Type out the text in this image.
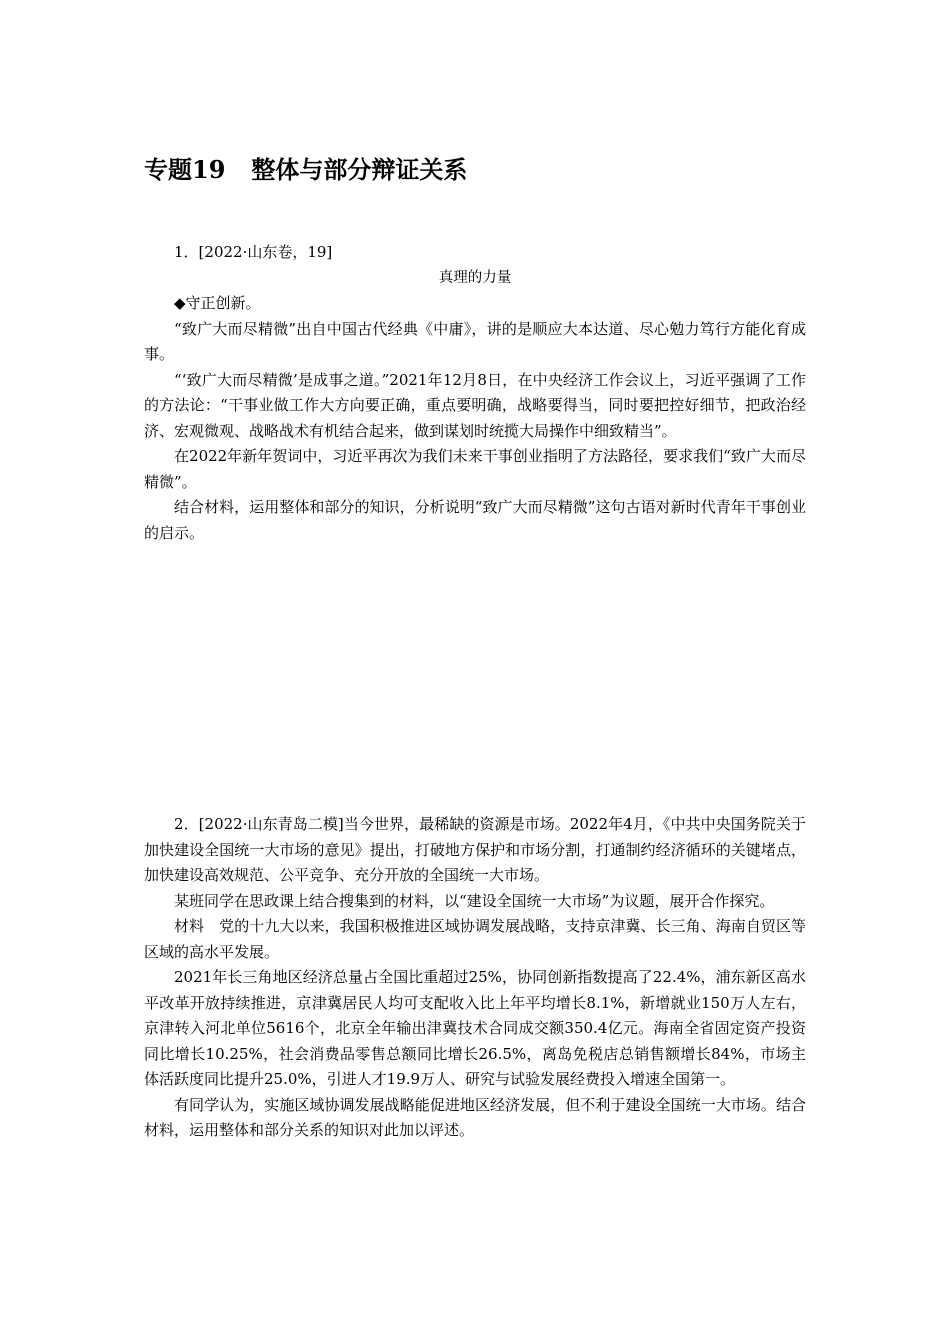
专题19 整体与部分辩证关系

1．[2022·山东卷，19]

真理的力量

◆守正创新。

“致广大而尽精微”出自中国古代经典《中庸》，讲的是顺应大本达道、尽心勉力笃行方能化育成事。

“‘致广大而尽精微’是成事之道。”2021年12月8日，在中央经济工作会议上，习近平强调了工作的方法论：“干事业做工作大方向要正确，重点要明确，战略要得当，同时要把控好细节，把政治经济、宏观微观、战略战术有机结合起来，做到谋划时统揽大局操作中细致精当”。

在2022年新年贺词中，习近平再次为我们未来干事创业指明了方法路径，要求我们“致广大而尽精微”。

结合材料，运用整体和部分的知识，分析说明“致广大而尽精微”这句古语对新时代青年干事创业的启示。

2．[2022·山东青岛二模]当今世界，最稀缺的资源是市场。2022年4月，《中共中央国务院关于加快建设全国统一大市场的意见》提出，打破地方保护和市场分割，打通制约经济循环的关键堵点，加快建设高效规范、公平竞争、充分开放的全国统一大市场。

某班同学在思政课上结合搜集到的材料，以“建设全国统一大市场”为议题，展开合作探究。

材料　 党的十九大以来，我国积极推进区域协调发展战略，支持京津冀、长三角、海南自贸区等区域的高水平发展。

2021年长三角地区经济总量占全国比重超过25%，协同创新指数提高了22.4%，浦东新区高水平改革开放持续推进，京津冀居民人均可支配收入比上年平均增长8.1%，新增就业150万人左右，京津转入河北单位5616个，北京全年输出津冀技术合同成交额350.4亿元。海南全省固定资产投资同比增长10.25%，社会消费品零售总额同比增长26.5%，离岛免税店总销售额增长84%，市场主体活跃度同比提升25.0%，引进人才19.9万人、研究与试验发展经费投入增速全国第一。

有同学认为，实施区域协调发展战略能促进地区经济发展，但不利于建设全国统一大市场。结合材料，运用整体和部分关系的知识对此加以评述。
